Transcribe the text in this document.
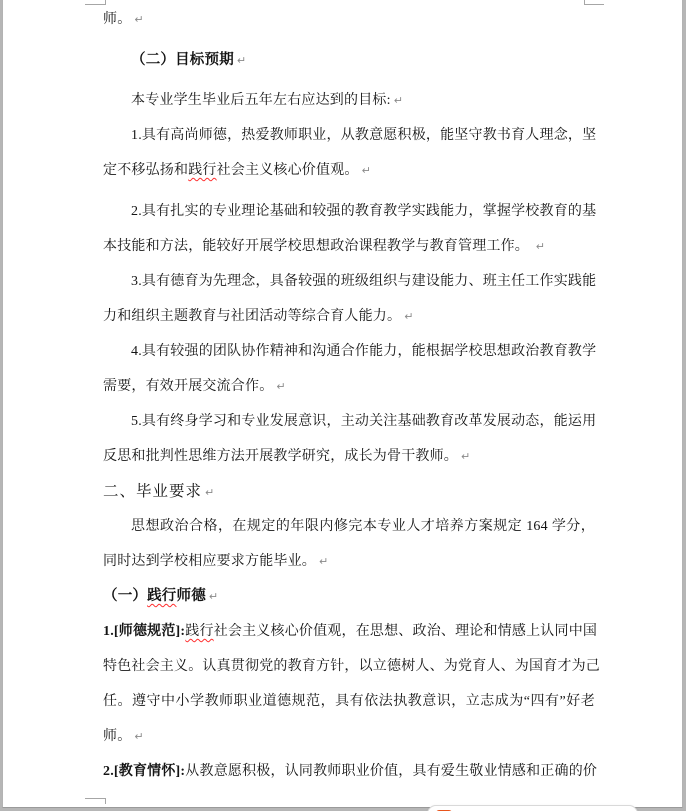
师。 ↵
（二）目标预期 ↵
本专业学生毕业后五年左右应达到的目标: ↵
1.具有高尚师德，热爱教师职业，从教意愿积极，能坚守教书育人理念，坚
定不移弘扬和践行社会主义核心价值观。 ↵
2.具有扎实的专业理论基础和较强的教育教学实践能力，掌握学校教育的基
本技能和方法，能较好开展学校思想政治课程教学与教育管理工作。 ↵
3.具有德育为先理念，具备较强的班级组织与建设能力、班主任工作实践能
力和组织主题教育与社团活动等综合育人能力。 ↵
4.具有较强的团队协作精神和沟通合作能力，能根据学校思想政治教育教学
需要，有效开展交流合作。 ↵
5.具有终身学习和专业发展意识，主动关注基础教育改革发展动态，能运用
反思和批判性思维方法开展教学研究，成长为骨干教师。 ↵
二、毕业要求 ↵
思想政治合格，在规定的年限内修完本专业人才培养方案规定 164 学分，
同时达到学校相应要求方能毕业。 ↵
（一）践行师德 ↵
1.[师德规范]:践行社会主义核心价值观，在思想、政治、理论和情感上认同中国
特色社会主义。认真贯彻党的教育方针，以立德树人、为党育人、为国育才为己
任。遵守中小学教师职业道德规范，具有依法执教意识，立志成为“四有”好老
师。 ↵
2.[教育情怀]:从教意愿积极，认同教师职业价值，具有爱生敬业情感和正确的价
